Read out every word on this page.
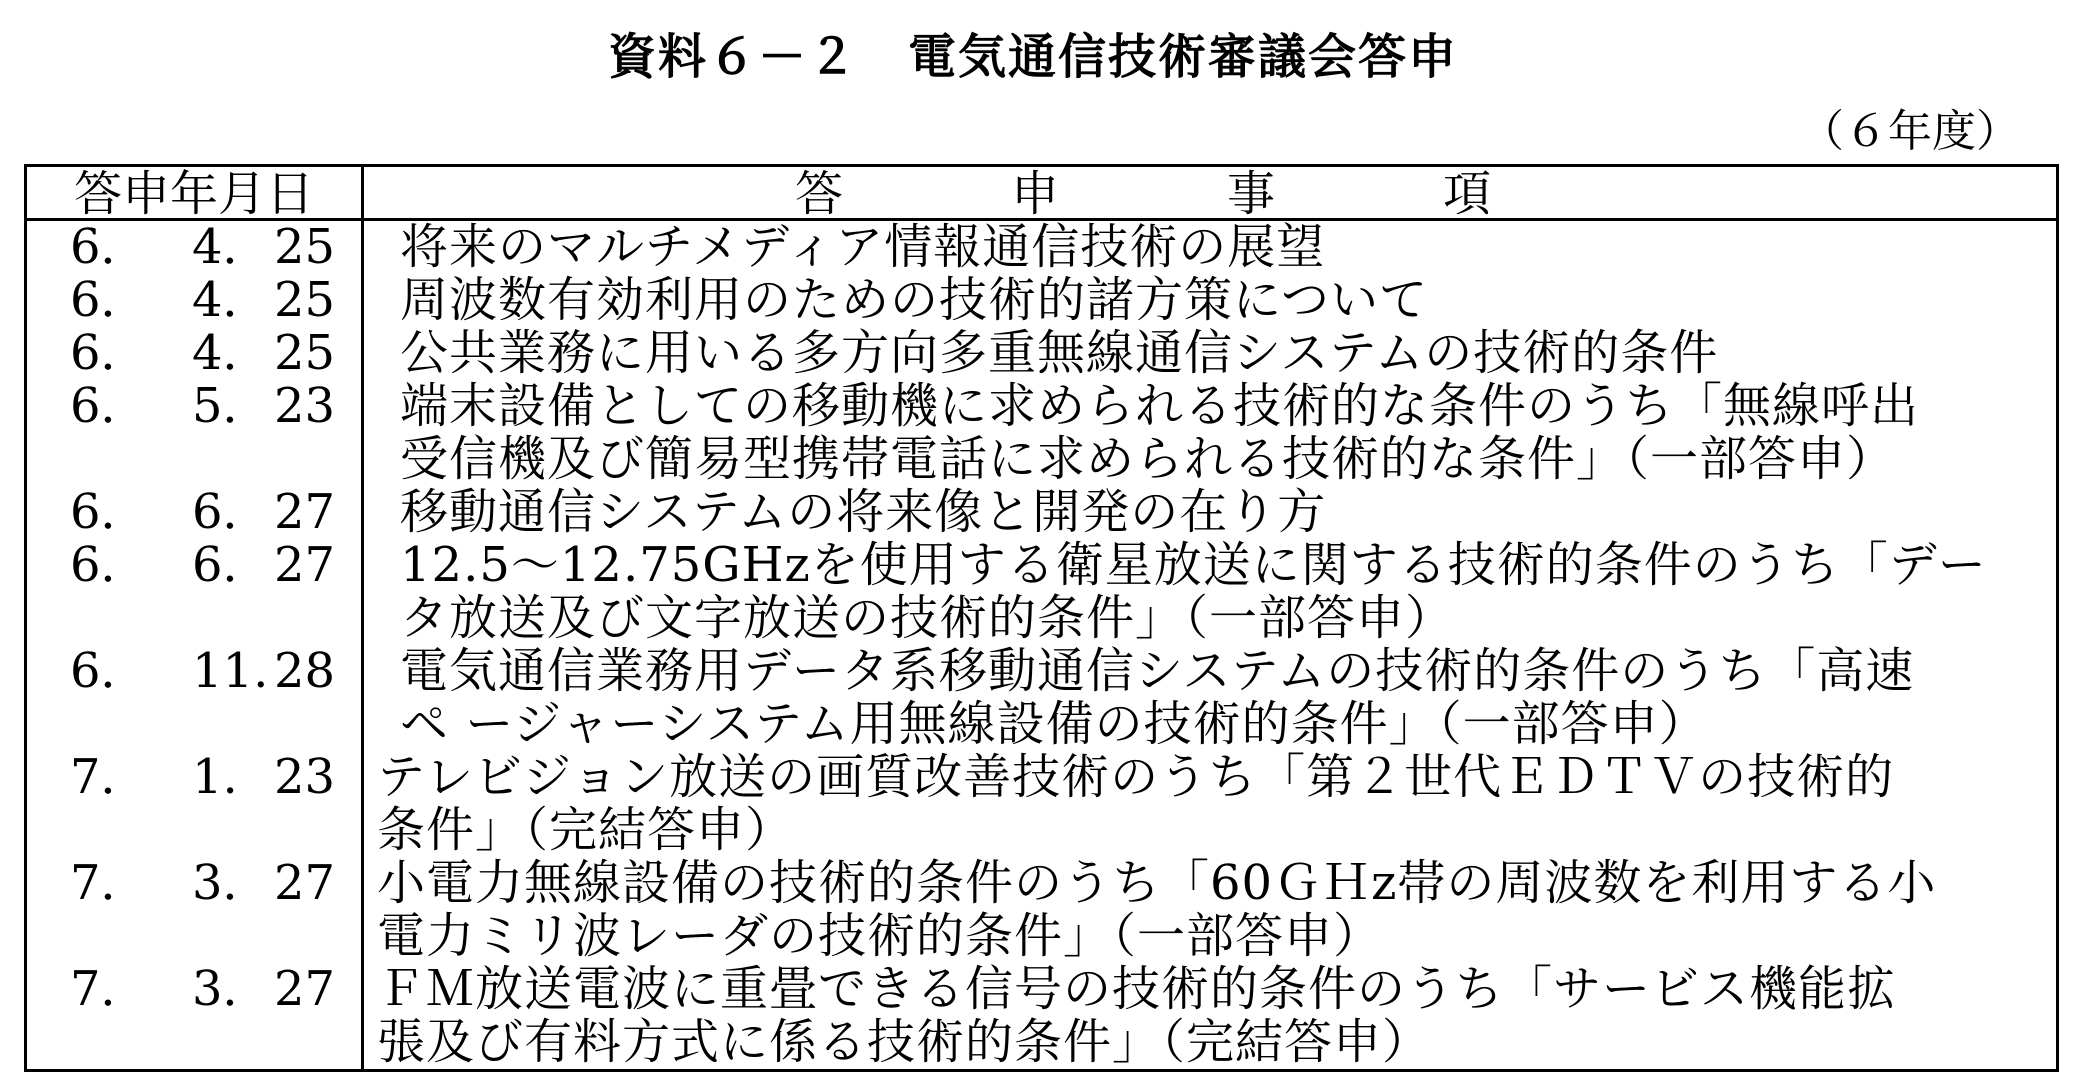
資料６－２　電気通信技術審議会答申
（６年度）
答申年月日	答　　申　　事　　項
6． 4． 25 将来のマルチメディア情報通信技術の展望
6． 4． 25 周波数有効利用のための技術的諸方策について
6． 4． 25 公共業務に用いる多方向多重無線通信システムの技術的条件
6． 5． 23 端末設備としての移動機に求められる技術的な条件のうち「無線呼出
受信機及び簡易型携帯電話に求められる技術的な条件」（一部答申）
6． 6． 27 移動通信システムの将来像と開発の在り方
6． 6． 27 12.5～12.75GHzを使用する衛星放送に関する技術的条件のうち「デー
タ放送及び文字放送の技術的条件」（一部答申）
6． 11. 28 電気通信業務用データ系移動通信システムの技術的条件のうち「高速
ペ ージャーシステム用無線設備の技術的条件」（一部答申）
7． 1. 23 テレビジョン放送の画質改善技術のうち「第２世代ＥＤＴＶの技術的
条件」（完結答申）
7． 3． 27 小電力無線設備の技術的条件のうち「60ＧＨz帯の周波数を利用する小
電力ミリ波レーダの技術的条件」（一部答申）
7． 3． 27 ＦＭ放送電波に重畳できる信号の技術的条件のうち「サービス機能拡
張及び有料方式に係る技術的条件」（完結答申）
